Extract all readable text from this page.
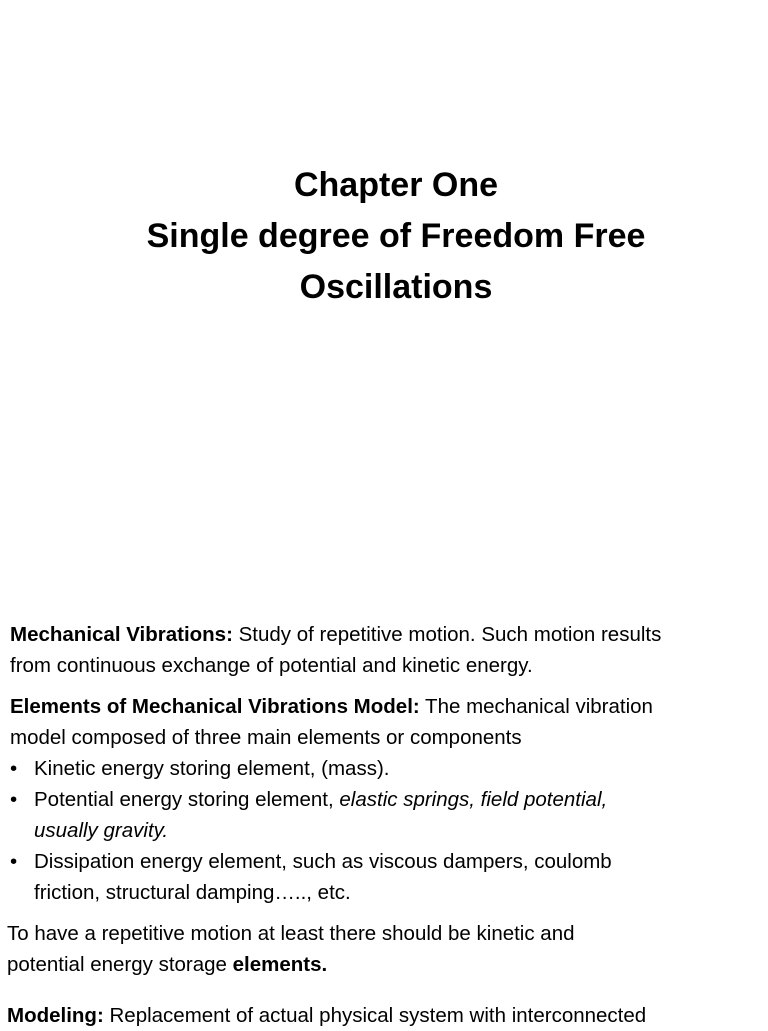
Chapter One
Single degree of Freedom Free
Oscillations

Mechanical Vibrations: Study of repetitive motion. Such motion results
from continuous exchange of potential and kinetic energy.

Elements of Mechanical Vibrations Model: The mechanical vibration
model composed of three main elements or components

• Kinetic energy storing element, (mass).
• Potential energy storing element, elastic springs, field potential,
usually gravity.
• Dissipation energy element, such as viscous dampers, coulomb
friction, structural damping….., etc.
To have a repetitive motion at least there should be kinetic and
potential energy storage elements.
Modeling: Replacement of actual physical system with interconnected
